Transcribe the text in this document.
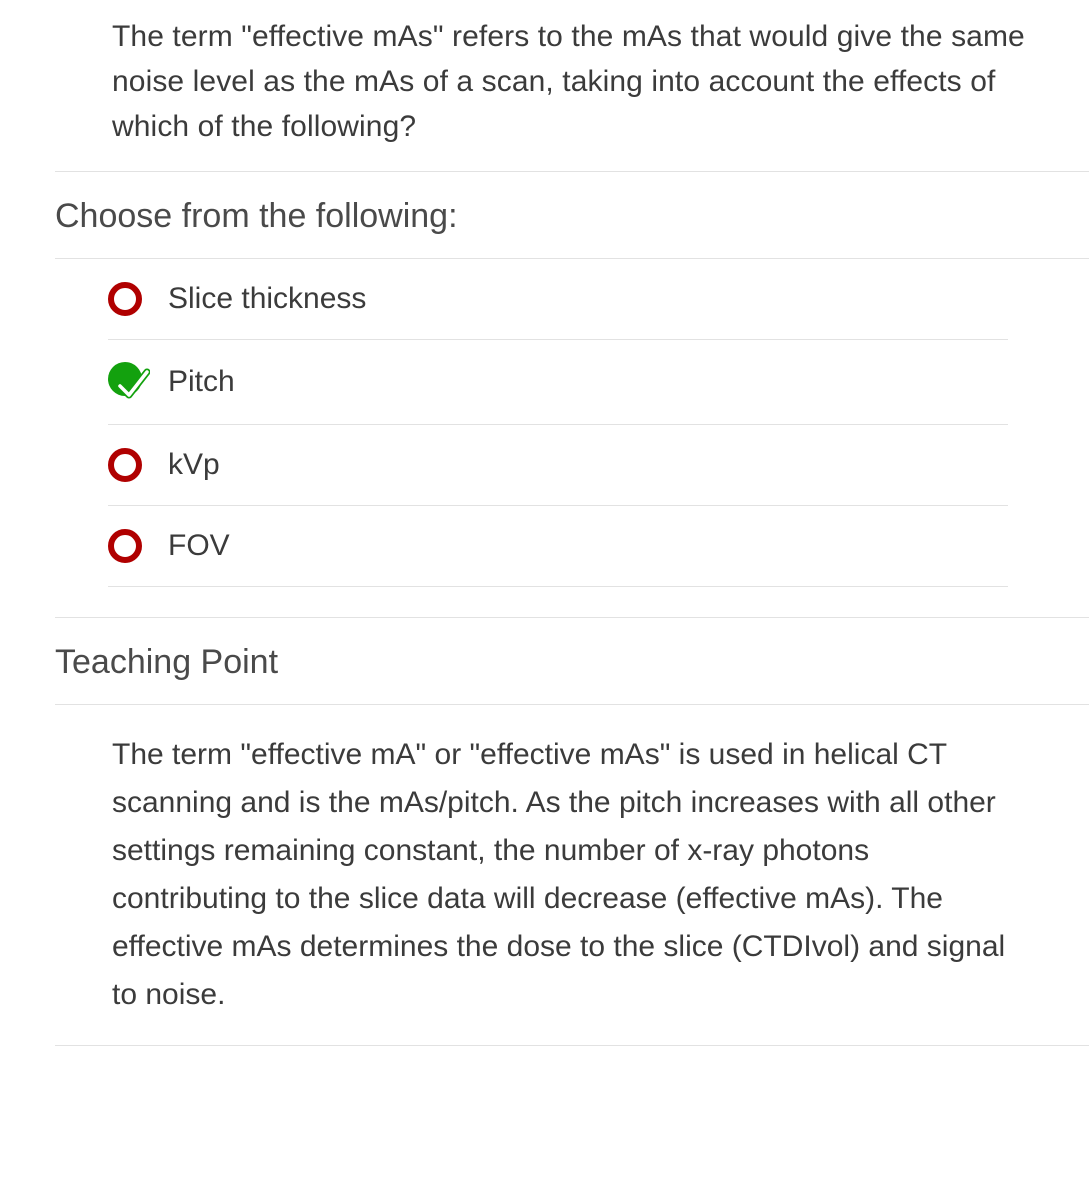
The term "effective mAs" refers to the mAs that would give the same noise level as the mAs of a scan, taking into account the effects of which of the following?
Choose from the following:
Slice thickness
Pitch
kVp
FOV
Teaching Point
The term "effective mA" or "effective mAs" is used in helical CT scanning and is the mAs/pitch. As the pitch increases with all other settings remaining constant, the number of x-ray photons contributing to the slice data will decrease (effective mAs). The effective mAs determines the dose to the slice (CTDIvol) and signal to noise.
